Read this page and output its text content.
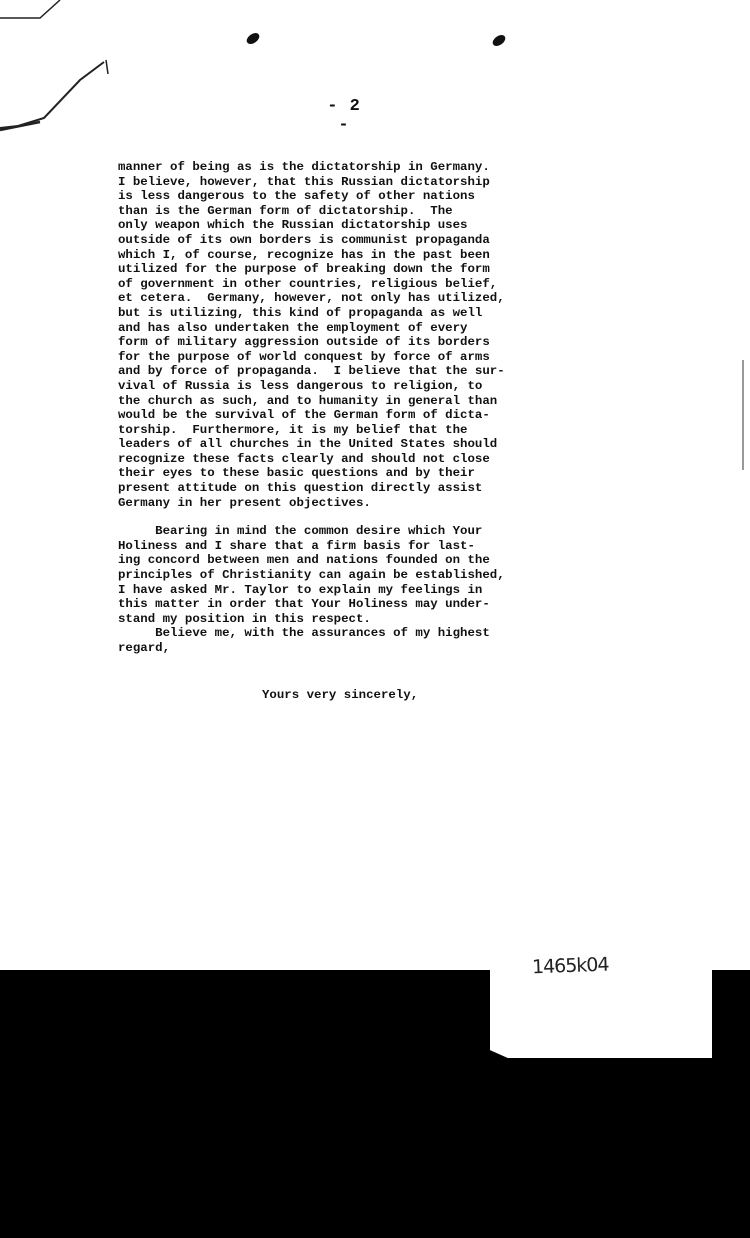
- 2 -
manner of being as is the dictatorship in Germany.
I believe, however, that this Russian dictatorship
is less dangerous to the safety of other nations
than is the German form of dictatorship.  The
only weapon which the Russian dictatorship uses
outside of its own borders is communist propaganda
which I, of course, recognize has in the past been
utilized for the purpose of breaking down the form
of government in other countries, religious belief,
et cetera.  Germany, however, not only has utilized,
but is utilizing, this kind of propaganda as well
and has also undertaken the employment of every
form of military aggression outside of its borders
for the purpose of world conquest by force of arms
and by force of propaganda.  I believe that the sur-
vival of Russia is less dangerous to religion, to
the church as such, and to humanity in general than
would be the survival of the German form of dicta-
torship.  Furthermore, it is my belief that the
leaders of all churches in the United States should
recognize these facts clearly and should not close
their eyes to these basic questions and by their
present attitude on this question directly assist
Germany in her present objectives.
Bearing in mind the common desire which Your
Holiness and I share that a firm basis for last-
ing concord between men and nations founded on the
principles of Christianity can again be established,
I have asked Mr. Taylor to explain my feelings in
this matter in order that Your Holiness may under-
stand my position in this respect.
Believe me, with the assurances of my highest
regard,
Yours very sincerely,
1465k04
